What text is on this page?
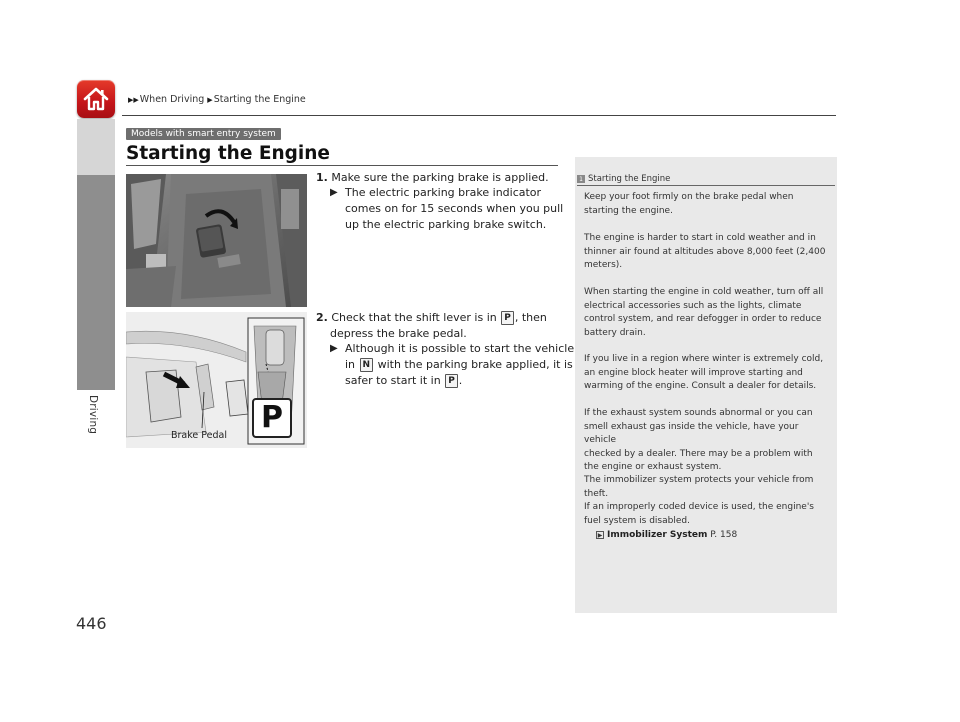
▶▶When Driving ▶Starting the Engine
Driving
446
Models with smart entry system
Starting the Engine
P
Brake Pedal
1. Make sure the parking brake is applied.
▶ The electric parking brake indicator
comes on for 15 seconds when you pull
up the electric parking brake switch.
2. Check that the shift lever is in P , then
depress the brake pedal.
▶ Although it is possible to start the vehicle
in N with the parking brake applied, it is
safer to start it in P .
1 Starting the Engine
Keep your foot firmly on the brake pedal when
starting the engine.
The engine is harder to start in cold weather and in
thinner air found at altitudes above 8,000 feet (2,400
meters).
When starting the engine in cold weather, turn off all
electrical accessories such as the lights, climate
control system, and rear defogger in order to reduce
battery drain.
If you live in a region where winter is extremely cold,
an engine block heater will improve starting and
warming of the engine. Consult a dealer for details.
If the exhaust system sounds abnormal or you can
smell exhaust gas inside the vehicle, have your vehicle
checked by a dealer. There may be a problem with
the engine or exhaust system.
The immobilizer system protects your vehicle from
theft.
If an improperly coded device is used, the engine's
fuel system is disabled.
▶ Immobilizer System P. 158
